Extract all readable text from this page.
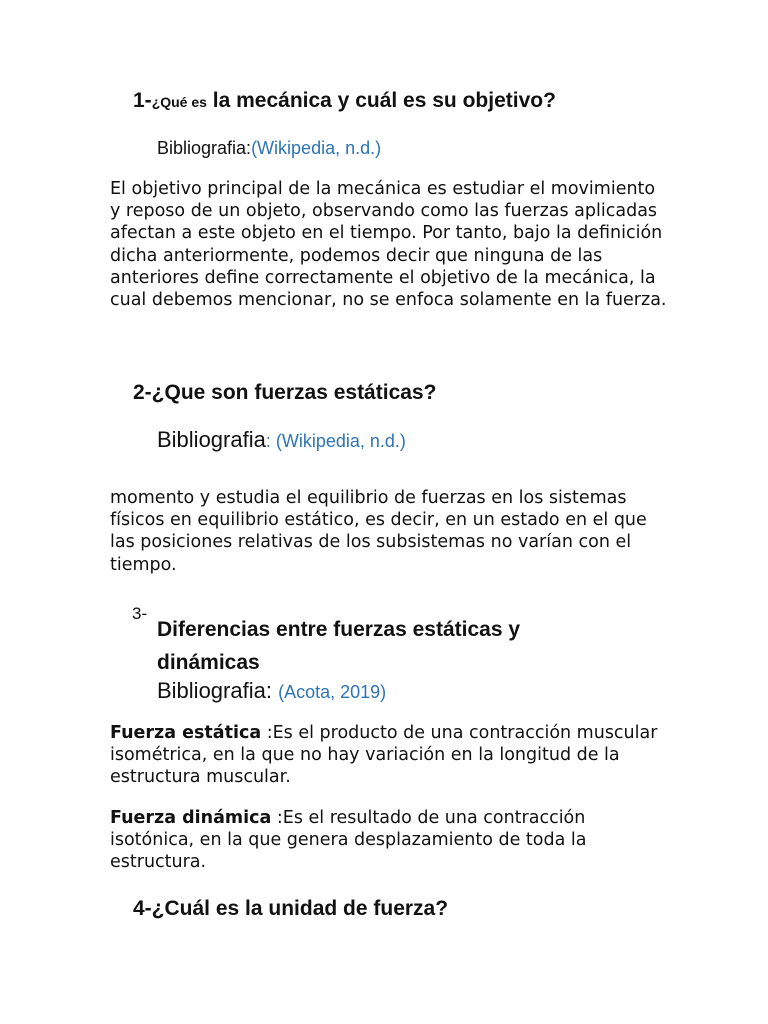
1-¿Qué es la mecánica y cuál es su objetivo?

Bibliografia:(Wikipedia, n.d.)

El objetivo principal de la mecánica es estudiar el movimiento y reposo de un objeto, observando como las fuerzas aplicadas afectan a este objeto en el tiempo. Por tanto, bajo la definición dicha anteriormente, podemos decir que ninguna de las anteriores define correctamente el objetivo de la mecánica, la cual debemos mencionar, no se enfoca solamente en la fuerza.

2-¿Que son fuerzas estáticas?

Bibliografia: (Wikipedia, n.d.)

momento y estudia el equilibrio de fuerzas en los sistemas físicos en equilibrio estático, es decir, en un estado en el que las posiciones relativas de los subsistemas no varían con el tiempo.

3-
Diferencias entre fuerzas estáticas y dinámicas

Bibliografia: (Acota, 2019)

Fuerza estática :Es el producto de una contracción muscular isométrica, en la que no hay variación en la longitud de la estructura muscular.

Fuerza dinámica :Es el resultado de una contracción isotónica, en la que genera desplazamiento de toda la estructura.

4-¿Cuál es la unidad de fuerza?
